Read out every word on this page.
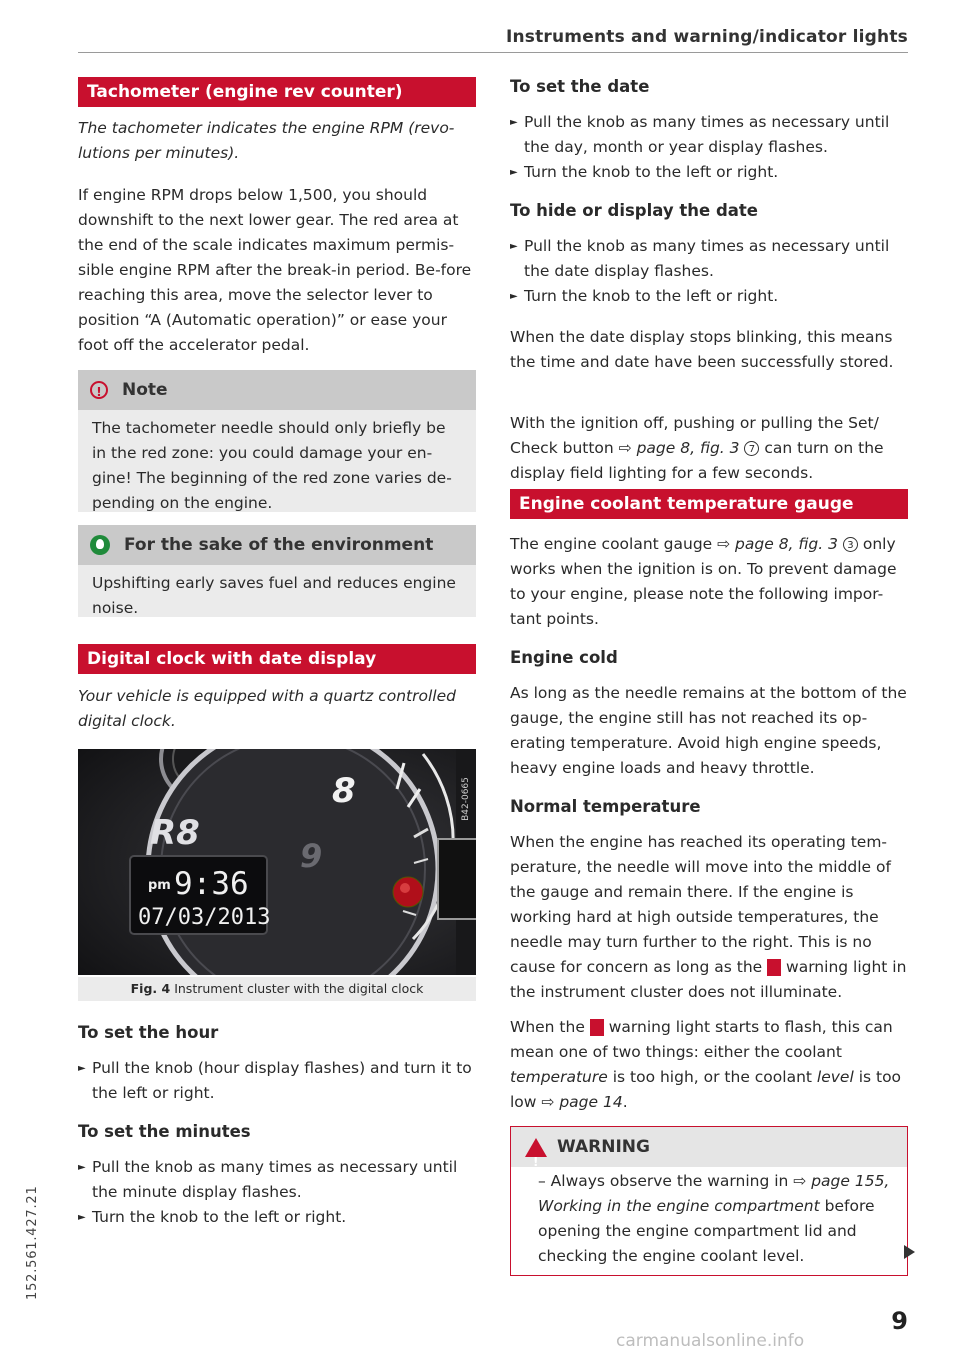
Instruments and warning/indicator lights
Tachometer (engine rev counter)

The tachometer indicates the engine RPM (revo-lutions per minutes).

If engine RPM drops below 1,500, you should downshift to the next lower gear. The red area at the end of the scale indicates maximum permis-sible engine RPM after the break-in period. Be-fore reaching this area, move the selector lever to position “A (Automatic operation)” or ease your foot off the accelerator pedal.

! Note
The tachometer needle should only briefly be in the red zone: you could damage your en-gine! The beginning of the red zone varies de-pending on the engine.
For the sake of the environment
Upshifting early saves fuel and reduces engine noise.
Digital clock with date display

Your vehicle is equipped with a quartz controlled digital clock.

8
9
R8
pm 9:36
07/03/2013
B42-0665
Fig. 4 Instrument cluster with the digital clock
To set the hour
► Pull the knob (hour display flashes) and turn it to the left or right.
To set the minutes
► Pull the knob as many times as necessary until the minute display flashes.
► Turn the knob to the left or right.
To set the date
► Pull the knob as many times as necessary until the day, month or year display flashes.
► Turn the knob to the left or right.
To hide or display the date
► Pull the knob as many times as necessary until the date display flashes.
► Turn the knob to the left or right.

When the date display stops blinking, this means the time and date have been successfully stored.

With the ignition off, pushing or pulling the Set/ Check button ⇨ page 8, fig. 3 7 can turn on the display field lighting for a few seconds.

Engine coolant temperature gauge

The engine coolant gauge ⇨ page 8, fig. 3 3 only works when the ignition is on. To prevent damage to your engine, please note the following impor-tant points.

Engine cold

As long as the needle remains at the bottom of the gauge, the engine still has not reached its op-erating temperature. Avoid high engine speeds, heavy engine loads and heavy throttle.

Normal temperature

When the engine has reached its operating tem-perature, the needle will move into the middle of the gauge and remain there. If the engine is working hard at high outside temperatures, the needle may turn further to the right. This is no cause for concern as long as the  warning light in the instrument cluster does not illuminate.

When the  warning light starts to flash, this can mean one of two things: either the coolant temperature is too high, or the coolant level is too low ⇨ page 14.

!WARNING
– Always observe the warning in ⇨ page 155, Working in the engine compartment before opening the engine compartment lid and checking the engine coolant level.
152.561.427.21
9
carmanualsonline.info
